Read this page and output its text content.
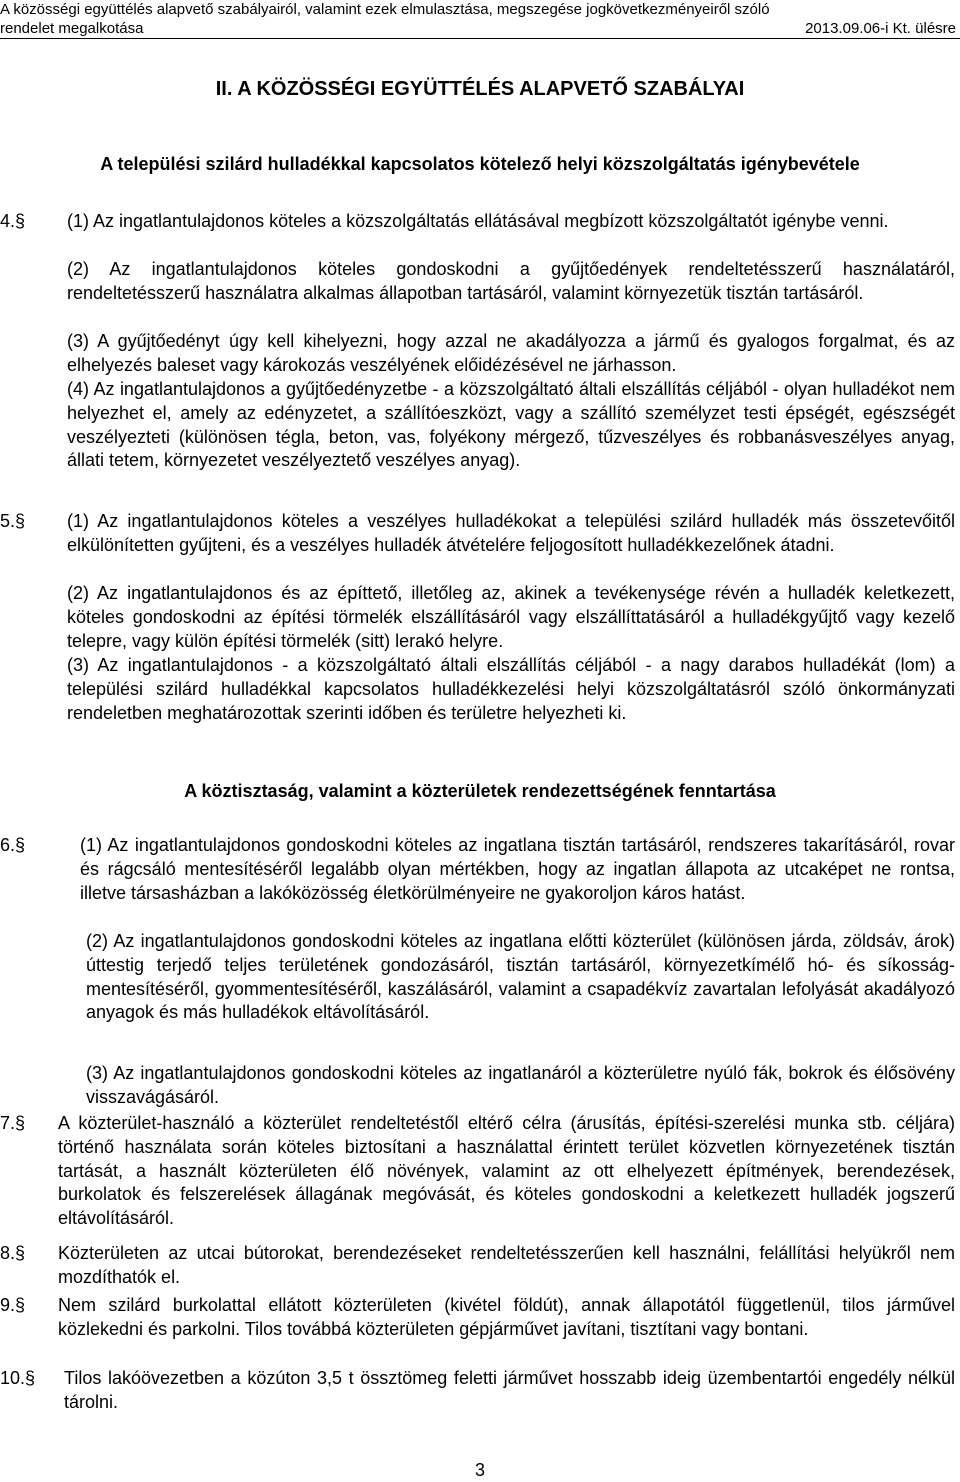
A közösségi együttélés alapvető szabályairól, valamint ezek elmulasztása, megszegése jogkövetkezményeiről szóló
rendelet megalkotása	2013.09.06-i Kt. ülésre
II. A KÖZÖSSÉGI EGYÜTTÉLÉS ALAPVETŐ SZABÁLYAI
A települési szilárd hulladékkal kapcsolatos kötelező helyi közszolgáltatás igénybevétele
4.§ (1) Az ingatlantulajdonos köteles a közszolgáltatás ellátásával megbízott közszolgáltatót igénybe venni.
(2) Az ingatlantulajdonos köteles gondoskodni a gyűjtőedények rendeltetésszerű használatáról, rendeltetésszerű használatra alkalmas állapotban tartásáról, valamint környezetük tisztán tartásáról.
(3) A gyűjtőedényt úgy kell kihelyezni, hogy azzal ne akadályozza a jármű és gyalogos forgalmat, és az elhelyezés baleset vagy károkozás veszélyének előidézésével ne járhasson.
(4) Az ingatlantulajdonos a gyűjtőedényzetbe - a közszolgáltató általi elszállítás céljából - olyan hulladékot nem helyezhet el, amely az edényzetet, a szállítóeszközt, vagy a szállító személyzet testi épségét, egészségét veszélyezteti (különösen tégla, beton, vas, folyékony mérgező, tűzveszélyes és robbanásveszélyes anyag, állati tetem, környezetet veszélyeztető veszélyes anyag).
5.§ (1) Az ingatlantulajdonos köteles a veszélyes hulladékokat a települési szilárd hulladék más összetevőitől elkülönítetten gyűjteni, és a veszélyes hulladék átvételére feljogosított hulladékkezelőnek átadni.
(2) Az ingatlantulajdonos és az építtető, illetőleg az, akinek a tevékenysége révén a hulladék keletkezett, köteles gondoskodni az építési törmelék elszállításáról vagy elszállíttatásáról a hulladékgyűjtő vagy kezelő telepre, vagy külön építési törmelék (sitt) lerakó helyre.
(3) Az ingatlantulajdonos - a közszolgáltató általi elszállítás céljából - a nagy darabos hulladékát (lom) a települési szilárd hulladékkal kapcsolatos hulladékkezelési helyi közszolgáltatásról szóló önkormányzati rendeletben meghatározottak szerinti időben és területre helyezheti ki.
A köztisztaság, valamint a közterületek rendezettségének fenntartása
6.§	(1) Az ingatlantulajdonos gondoskodni köteles az ingatlana tisztán tartásáról, rendszeres takarításáról, rovar és rágcsáló mentesítéséről legalább olyan mértékben, hogy az ingatlan állapota az utcaképet ne rontsa, illetve társasházban a lakóközösség életkörülményeire ne gyakoroljon káros hatást.
(2) Az ingatlantulajdonos gondoskodni köteles az ingatlana előtti közterület (különösen járda, zöldsáv, árok) úttestig terjedő teljes területének gondozásáról, tisztán tartásáról, környezetkímélő hó- és síkosság-mentesítéséről, gyommentesítéséről, kaszálásáról, valamint a csapadékvíz zavartalan lefolyását akadályozó anyagok és más hulladékok eltávolításáról.
(3) Az ingatlantulajdonos gondoskodni köteles az ingatlanáról a közterületre nyúló fák, bokrok és élősövény visszavágásáról.
7.§ A közterület-használó a közterület rendeltetéstől eltérő célra (árusítás, építési-szerelési munka stb. céljára) történő használata során köteles biztosítani a használattal érintett terület közvetlen környezetének tisztán tartását, a használt közterületen élő növények, valamint az ott elhelyezett építmények, berendezések, burkolatok és felszerelések állagának megóvását, és köteles gondoskodni a keletkezett hulladék jogszerű eltávolításáról.
8.§ Közterületen az utcai bútorokat, berendezéseket rendeltetésszerűen kell használni, felállítási helyükről nem mozdíthatók el.
9.§ Nem szilárd burkolattal ellátott közterületen (kivétel földút), annak állapotától függetlenül, tilos járművel közlekedni és parkolni. Tilos továbbá közterületen gépjárművet javítani, tisztítani vagy bontani.
10.§ Tilos lakóövezetben a közúton 3,5 t össztömeg feletti járművet hosszabb ideig üzembentartói engedély nélkül tárolni.
3
